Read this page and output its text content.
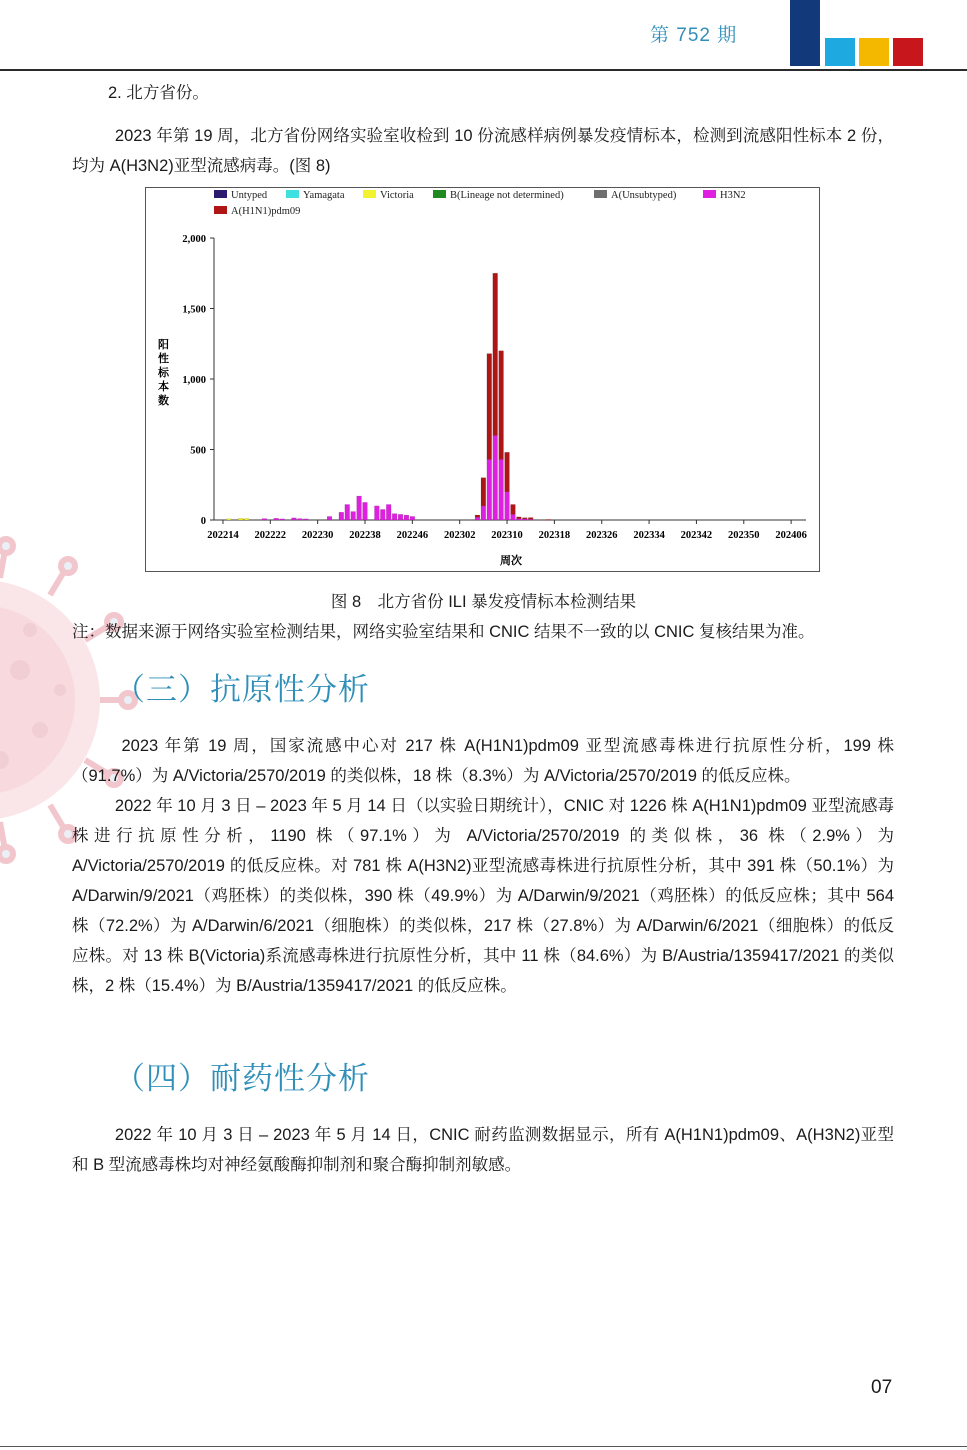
第 752 期
2. 北方省份。
2023 年第 19 周，北方省份网络实验室收检到 10 份流感样病例暴发疫情标本，检测到流感阳性标本 2 份，均为 A(H3N2)亚型流感病毒。(图 8)
Untyped	Yamagata	Victoria	B(Lineage not determined)	A(Unsubtyped)	H3N2
A(H1N1)pdm09
0
500
1,000
1,500
2,000
202214 202222 202230 202238 202246 202302 202310 202318 202326 202334 202342 202350 202406
阳性标本数
周次
图 8　北方省份 ILI 暴发疫情标本检测结果
注：数据来源于网络实验室检测结果，网络实验室结果和 CNIC 结果不一致的以 CNIC 复核结果为准。
（三）抗原性分析
2023 年第 19 周，国家流感中心对 217 株 A(H1N1)pdm09 亚型流感毒株进行抗原性分析，199 株（91.7%）为 A/Victoria/2570/2019 的类似株，18 株（8.3%）为 A/Victoria/2570/2019 的低反应株。
2022 年 10 月 3 日 – 2023 年 5 月 14 日（以实验日期统计），CNIC 对 1226 株 A(H1N1)pdm09 亚型流感毒株进行抗原性分析，1190 株（97.1%）为 A/Victoria/2570/2019 的类似株，36 株（2.9%）为 A/Victoria/2570/2019 的低反应株。对 781 株 A(H3N2)亚型流感毒株进行抗原性分析，其中 391 株（50.1%）为 A/Darwin/9/2021（鸡胚株）的类似株，390 株（49.9%）为 A/Darwin/9/2021（鸡胚株）的低反应株；其中 564 株（72.2%）为 A/Darwin/6/2021（细胞株）的类似株，217 株（27.8%）为 A/Darwin/6/2021（细胞株）的低反应株。对 13 株 B(Victoria)系流感毒株进行抗原性分析，其中 11 株（84.6%）为 B/Austria/1359417/2021 的类似株，2 株（15.4%）为 B/Austria/1359417/2021 的低反应株。
（四）耐药性分析
2022 年 10 月 3 日 – 2023 年 5 月 14 日，CNIC 耐药监测数据显示，所有 A(H1N1)pdm09、A(H3N2)亚型和 B 型流感毒株均对神经氨酸酶抑制剂和聚合酶抑制剂敏感。
07
